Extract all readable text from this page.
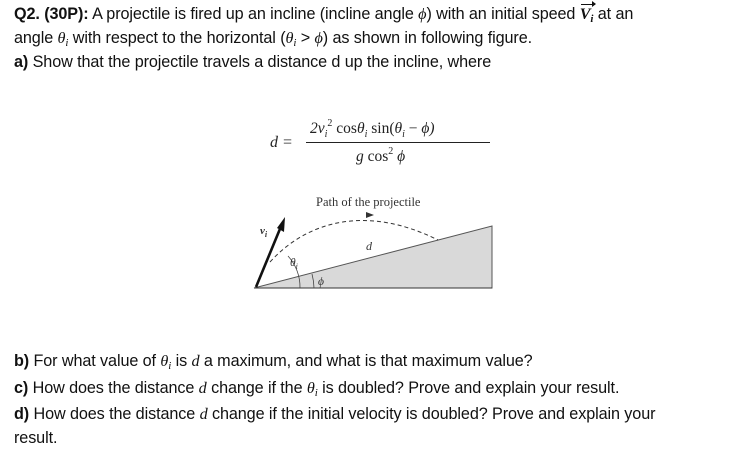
Q2. (30P): A projectile is fired up an incline (incline angle ϕ) with an initial speed $V_i$ at an
angle $\theta_i$ with respect to the horizontal $(\theta_i > \phi)$ as shown in following figure.
a) Show that the projectile travels a distance d up the incline, where
d =
$2v_i^2$ cosθ$_i$ $\sin(\theta_i - \phi)$
g $\cos^2 \phi$
Path of the projectile
d
$v_i$
$\theta_i$
ϕ
b) For what value of $\theta_i$ is d a maximum, and what is that maximum value?
c) How does the distance d change if the $\theta_i$ is doubled? Prove and explain your result.
d) How does the distance d change if the initial velocity is doubled? Prove and explain your
result.
